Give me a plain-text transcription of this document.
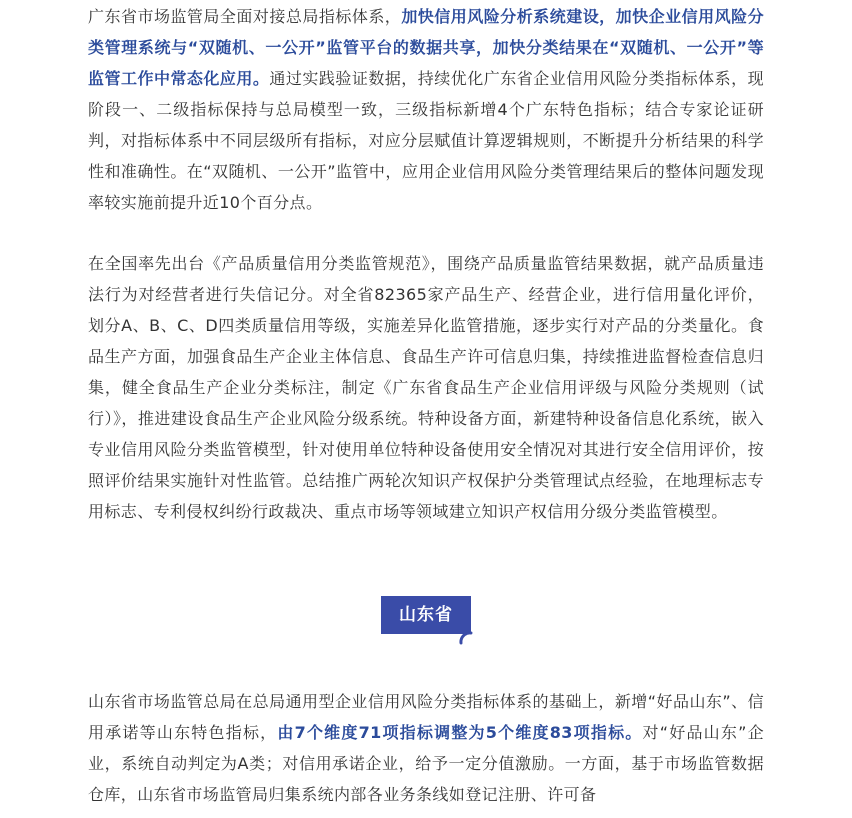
广东省市场监管局全面对接总局指标体系，加快信用风险分析系统建设，加快企业信用风险分类管理系统与“双随机、一公开”监管平台的数据共享，加快分类结果在“双随机、一公开”等监管工作中常态化应用。通过实践验证数据，持续优化广东省企业信用风险分类指标体系，现阶段一、二级指标保持与总局模型一致，三级指标新增4个广东特色指标；结合专家论证研判，对指标体系中不同层级所有指标，对应分层赋值计算逻辑规则，不断提升分析结果的科学性和准确性。在“双随机、一公开”监管中，应用企业信用风险分类管理结果后的整体问题发现率较实施前提升近10个百分点。

在全国率先出台《产品质量信用分类监管规范》，围绕产品质量监管结果数据，就产品质量违法行为对经营者进行失信记分。对全省82365家产品生产、经营企业，进行信用量化评价，划分A、B、C、D四类质量信用等级，实施差异化监管措施，逐步实行对产品的分类量化。食品生产方面，加强食品生产企业主体信息、食品生产许可信息归集，持续推进监督检查信息归集，健全食品生产企业分类标注，制定《广东省食品生产企业信用评级与风险分类规则（试行）》，推进建设食品生产企业风险分级系统。特种设备方面，新建特种设备信息化系统，嵌入专业信用风险分类监管模型，针对使用单位特种设备使用安全情况对其进行安全信用评价，按照评价结果实施针对性监管。总结推广两轮次知识产权保护分类管理试点经验，在地理标志专用标志、专利侵权纠纷行政裁决、重点市场等领域建立知识产权信用分级分类监管模型。

山东省市场监管总局在总局通用型企业信用风险分类指标体系的基础上，新增“好品山东”、信用承诺等山东特色指标，由7个维度71项指标调整为5个维度83项指标。对“好品山东”企业，系统自动判定为A类；对信用承诺企业，给予一定分值激励。一方面，基于市场监管数据仓库，山东省市场监管局归集系统内部各业务条线如登记注册、许可备

山东省
